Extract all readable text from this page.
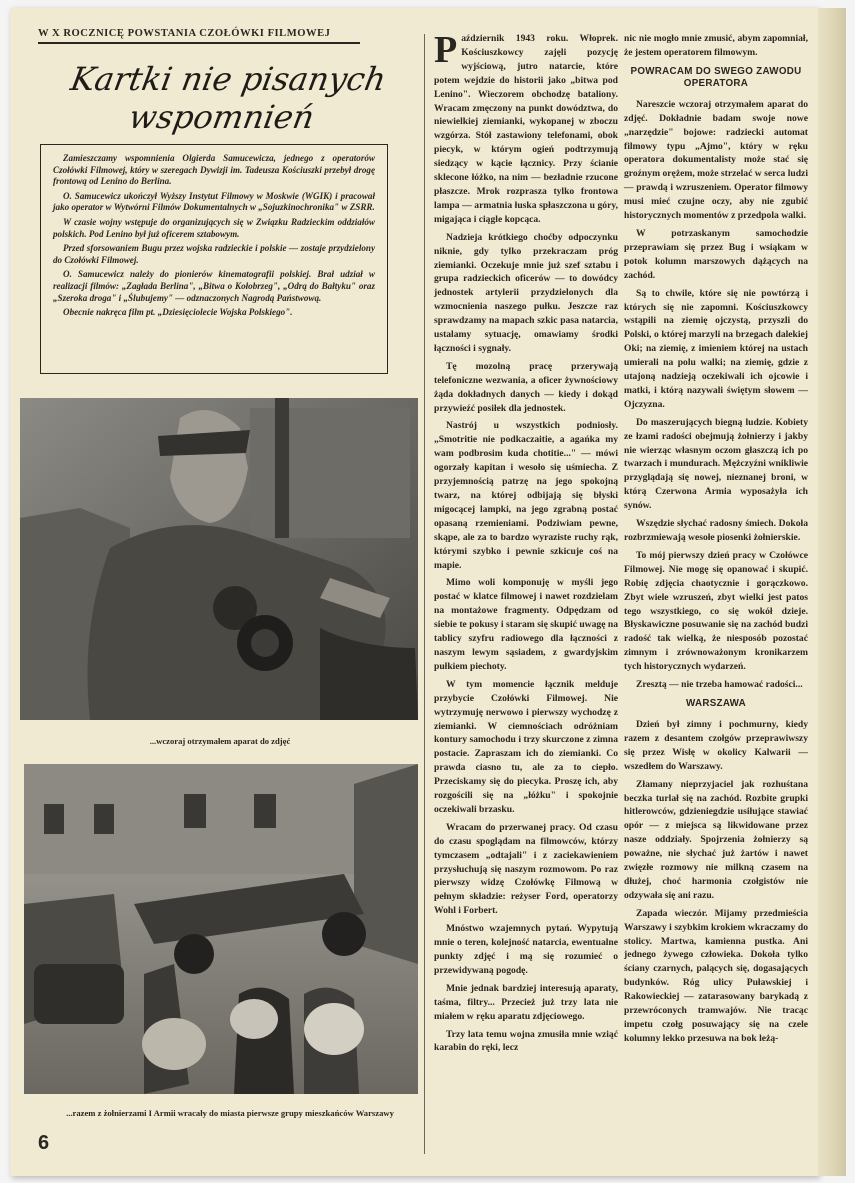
W X ROCZNICĘ POWSTANIA CZOŁÓWKI FILMOWEJ
Kartki nie pisanych
wspomnień

Zamieszczamy wspomnienia Olgierda Samucewicza, jednego z operatorów Czołówki Filmowej, który w szeregach Dywizji im. Tadeusza Kościuszki przebył drogę frontową od Lenino do Berlina.

O. Samucewicz ukończył Wyższy Instytut Filmowy w Moskwie (WGIK) i pracował jako operator w Wytwórni Filmów Dokumentalnych w „Sojuzkinochronika" w ZSRR.

W czasie wojny wstępuje do organizujących się w Związku Radzieckim oddziałów polskich. Pod Lenino był już oficerem sztabowym.

Przed sforsowaniem Bugu przez wojska radzieckie i polskie — zostaje przydzielony do Czołówki Filmowej.

O. Samucewicz należy do pionierów kinematografii polskiej. Brał udział w realizacji filmów: „Zagłada Berlina", „Bitwa o Kołobrzeg", „Odrą do Bałtyku" oraz „Szeroka droga" i „Ślubujemy" — odznaczonych Nagrodą Państwową.

Obecnie nakręca film pt. „Dziesięciolecie Wojska Polskiego".

...wczoraj otrzymałem aparat do zdjęć
...razem z żołnierzami I Armii wracały do miasta pierwsze grupy mieszkańców Warszawy
6

Październik 1943 roku. Włoprek. Kościuszkowcy zajęli pozycję wyjściową, jutro natarcie, które potem wejdzie do historii jako „bitwa pod Lenino". Wieczorem obchodzę bataliony. Wracam zmęczony na punkt dowództwa, do niewielkiej ziemianki, wykopanej w zboczu wzgórza. Stół zastawiony telefonami, obok piecyk, w którym ogień podtrzymują siedzący w kącie łącznicy. Przy ścianie sklecone łóżko, na nim — bezładnie rzucone płaszcze. Mrok rozprasza tylko frontowa lampa — armatnia łuska spłaszczona u góry, migająca i ciągle kopcąca.

Nadzieja krótkiego choćby odpoczynku niknie, gdy tylko przekraczam próg ziemianki. Oczekuje mnie już szef sztabu i grupa radzieckich oficerów — to dowódcy jednostek artylerii przydzielonych dla wzmocnienia naszego pułku. Jeszcze raz sprawdzamy na mapach szkic pasa natarcia, ustalamy sytuację, omawiamy środki łączności i sygnały.

Tę mozolną pracę przerywają telefoniczne wezwania, a oficer żywnościowy żąda dokładnych danych — kiedy i dokąd przywieźć posiłek dla jednostek.

Nastrój u wszystkich podniosły. „Smotritie nie podkaczaitie, a agańka my wam podbrosim kuda chotitie..." — mówi ogorzały kapitan i wesoło się uśmiecha. Z przyjemnością patrzę na jego spokojną twarz, na której odbijają się błyski migocącej lampki, na jego zgrabną postać opasaną rzemieniami. Podziwiam pewne, skąpe, ale za to bardzo wyraziste ruchy rąk, którymi szybko i pewnie szkicuje coś na mapie.

Mimo woli komponuję w myśli jego postać w klatce filmowej i nawet rozdzielam na montażowe fragmenty. Odpędzam od siebie te pokusy i staram się skupić uwagę na tablicy szyfru radiowego dla łączności z naszym lewym sąsiadem, z gwardyjskim pułkiem piechoty.

W tym momencie łącznik melduje przybycie Czołówki Filmowej. Nie wytrzymuję nerwowo i pierwszy wychodzę z ziemianki. W ciemnościach odróżniam kontury samochodu i trzy skurczone z zimna postacie. Zapraszam ich do ziemianki. Co prawda ciasno tu, ale za to ciepło. Przeciskamy się do piecyka. Proszę ich, aby rozgościli się na „łóżku" i spokojnie oczekiwali brzasku.

Wracam do przerwanej pracy. Od czasu do czasu spoglądam na filmowców, którzy tymczasem „odtajali" i z zaciekawieniem przysłuchują się naszym rozmowom. Po raz pierwszy widzę Czołówkę Filmową w pełnym składzie: reżyser Ford, operatorzy Wohl i Forbert.

Mnóstwo wzajemnych pytań. Wypytują mnie o teren, kolejność natarcia, ewentualne punkty zdjęć i mą się rozumieć o przewidywaną pogodę.

Mnie jednak bardziej interesują aparaty, taśma, filtry... Przecież już trzy lata nie miałem w ręku aparatu zdjęciowego.

Trzy lata temu wojna zmusiła mnie wziąć karabin do ręki, lecz

nic nie mogło mnie zmusić, abym zapomniał, że jestem operatorem filmowym.

POWRACAM DO SWEGO ZAWODU OPERATORA

Nareszcie wczoraj otrzymałem aparat do zdjęć. Dokładnie badam swoje nowe „narzędzie" bojowe: radziecki automat filmowy typu „Ajmo", który w ręku operatora dokumentalisty może stać się groźnym orężem, może strzelać w serca ludzi — prawdą i wzruszeniem. Operator filmowy musi mieć czujne oczy, aby nie zgubić historycznych momentów z przedpola walki.

W potrzaskanym samochodzie przeprawiam się przez Bug i wsiąkam w potok kolumn marszowych dążących na zachód.

Są to chwile, które się nie powtórzą i których się nie zapomni. Kościuszkowcy wstąpili na ziemię ojczystą, przyszli do Polski, o której marzyli na brzegach dalekiej Oki; na ziemię, z imieniem której na ustach umierali na polu walki; na ziemię, gdzie z utajoną nadzieją oczekiwali ich ojcowie i matki, i którą nazywali świętym słowem — Ojczyzna.

Do maszerujących biegną ludzie. Kobiety ze łzami radości obejmują żołnierzy i jakby nie wierząc własnym oczom głaszczą ich po twarzach i mundurach. Mężczyźni wnikliwie przyglądają się nowej, nieznanej broni, w którą Czerwona Armia wyposażyła ich synów.

Wszędzie słychać radosny śmiech. Dokoła rozbrzmiewają wesołe piosenki żołnierskie.

To mój pierwszy dzień pracy w Czołówce Filmowej. Nie mogę się opanować i skupić. Robię zdjęcia chaotycznie i gorączkowo. Zbyt wiele wzruszeń, zbyt wielki jest patos tego wszystkiego, co się wokół dzieje. Błyskawiczne posuwanie się na zachód budzi radość tak wielką, że niesposób pozostać zimnym i zrównoważonym kronikarzem tych historycznych wydarzeń.

Zresztą — nie trzeba hamować radości...

WARSZAWA

Dzień był zimny i pochmurny, kiedy razem z desantem czołgów przeprawiwszy się przez Wisłę w okolicy Kalwarii — wszedłem do Warszawy.

Złamany nieprzyjaciel jak rozhuśtana beczka turlał się na zachód. Rozbite grupki hitlerowców, gdzieniegdzie usiłujące stawiać opór — z miejsca są likwidowane przez nasze oddziały. Spojrzenia żołnierzy są poważne, nie słychać już żartów i nawet zwięzłe rozmowy nie milkną czasem na dłużej, choć harmonia czołgistów nie odzywała się ani razu.

Zapada wieczór. Mijamy przedmieścia Warszawy i szybkim krokiem wkraczamy do stolicy. Martwa, kamienna pustka. Ani jednego żywego człowieka. Dokoła tylko ściany czarnych, palących się, dogasających budynków. Róg ulicy Puławskiej i Rakowieckiej — zatarasowany barykadą z przewróconych tramwajów. Nie tracąc impetu czołg posuwający się na czele kolumny lekko przesuwa na bok leżą-
